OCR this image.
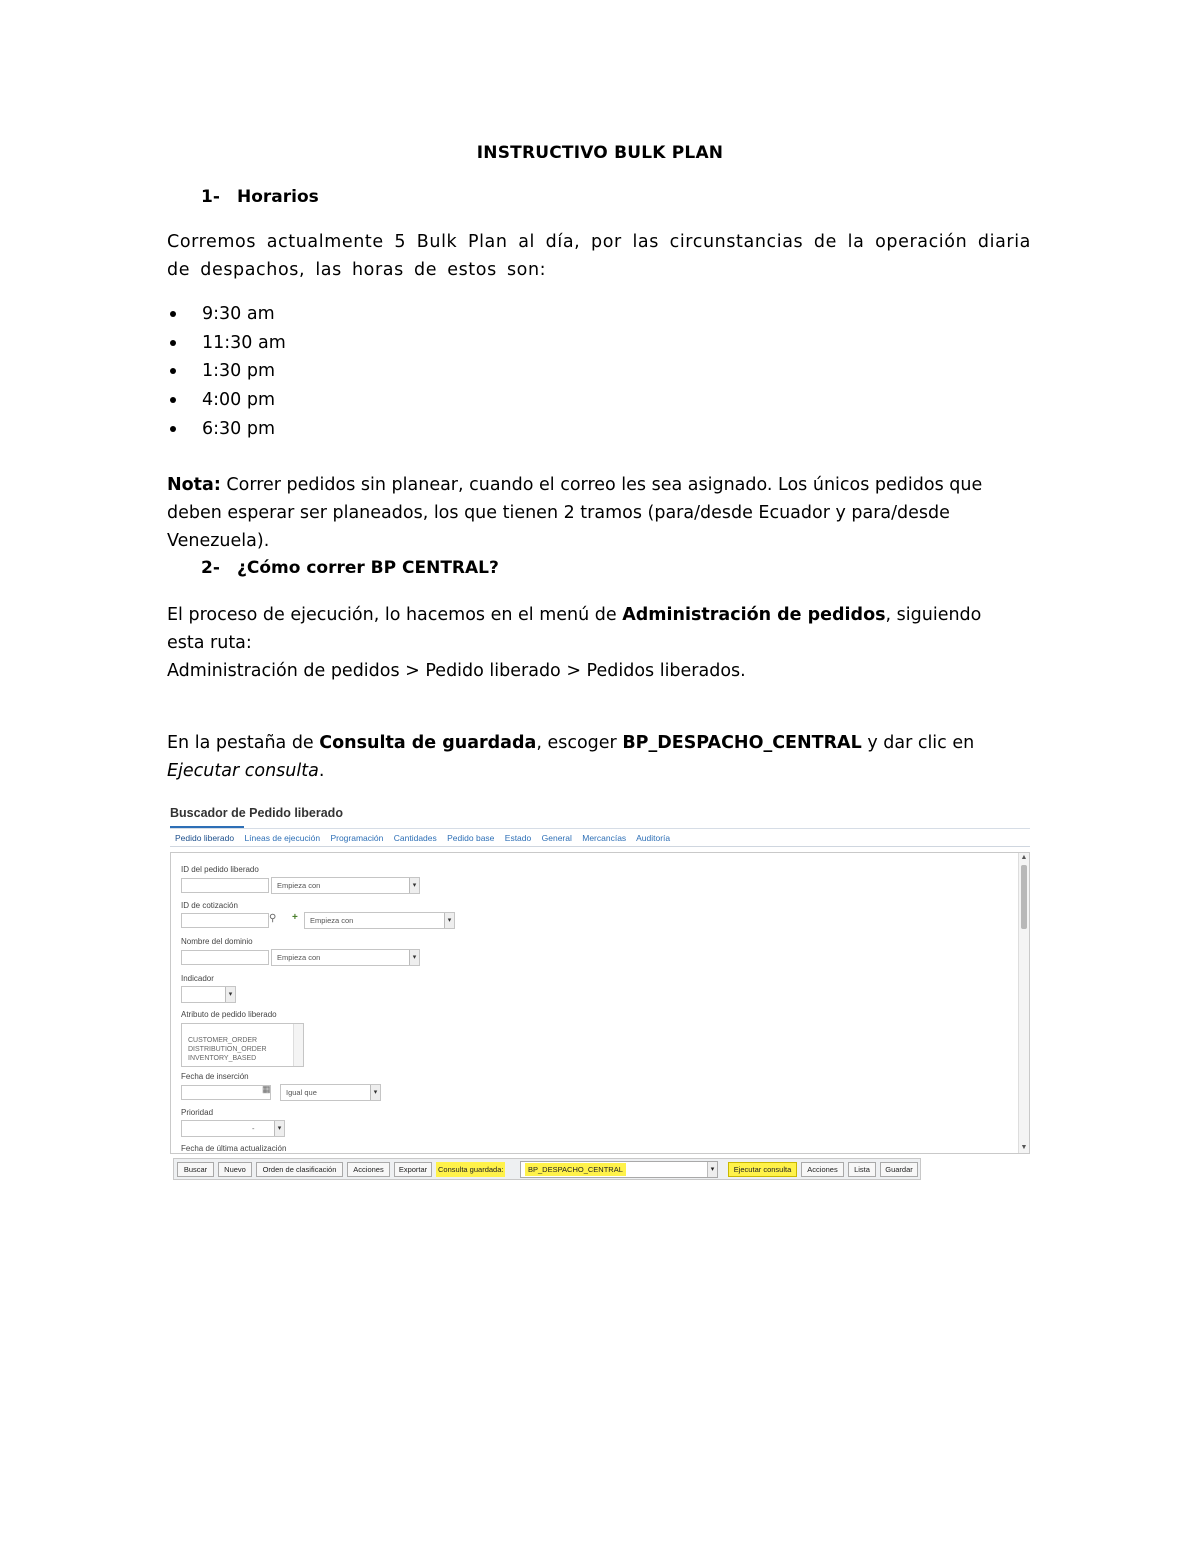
INSTRUCTIVO BULK PLAN
1- Horarios
Corremos actualmente 5 Bulk Plan al día, por las circunstancias de la operación diaria de despachos, las horas de estos son:
9:30 am
11:30 am
1:30 pm
4:00 pm
6:30 pm
Nota: Correr pedidos sin planear, cuando el correo les sea asignado. Los únicos pedidos que deben esperar ser planeados, los que tienen 2 tramos (para/desde Ecuador y para/desde Venezuela).
2- ¿Cómo correr BP CENTRAL?
El proceso de ejecución, lo hacemos en el menú de Administración de pedidos, siguiendo esta ruta:
Administración de pedidos > Pedido liberado > Pedidos liberados.
En la pestaña de Consulta de guardada, escoger BP_DESPACHO_CENTRAL y dar clic en Ejecutar consulta.
Buscador de Pedido liberado
Pedido liberado Líneas de ejecución Programación Cantidades Pedido base Estado General Mercancías Auditoría
▲
▼
ID del pedido liberado
Empieza con	▾
ID de cotización
⚲ +	Empieza con	▾
Nombre del dominio
Empieza con	▾
Indicador
▾
Atributo de pedido liberado
CUSTOMER_ORDER
DISTRIBUTION_ORDER
INVENTORY_BASED
Fecha de inserción
▦	Igual que	▾
Prioridad
-	▾
Fecha de última actualización
Buscar	Nuevo	Orden de clasificación	Acciones	Exportar	Consulta guardada:	BP_DESPACHO_CENTRAL	▾	Ejecutar consulta	Acciones	Lista	Guardar
